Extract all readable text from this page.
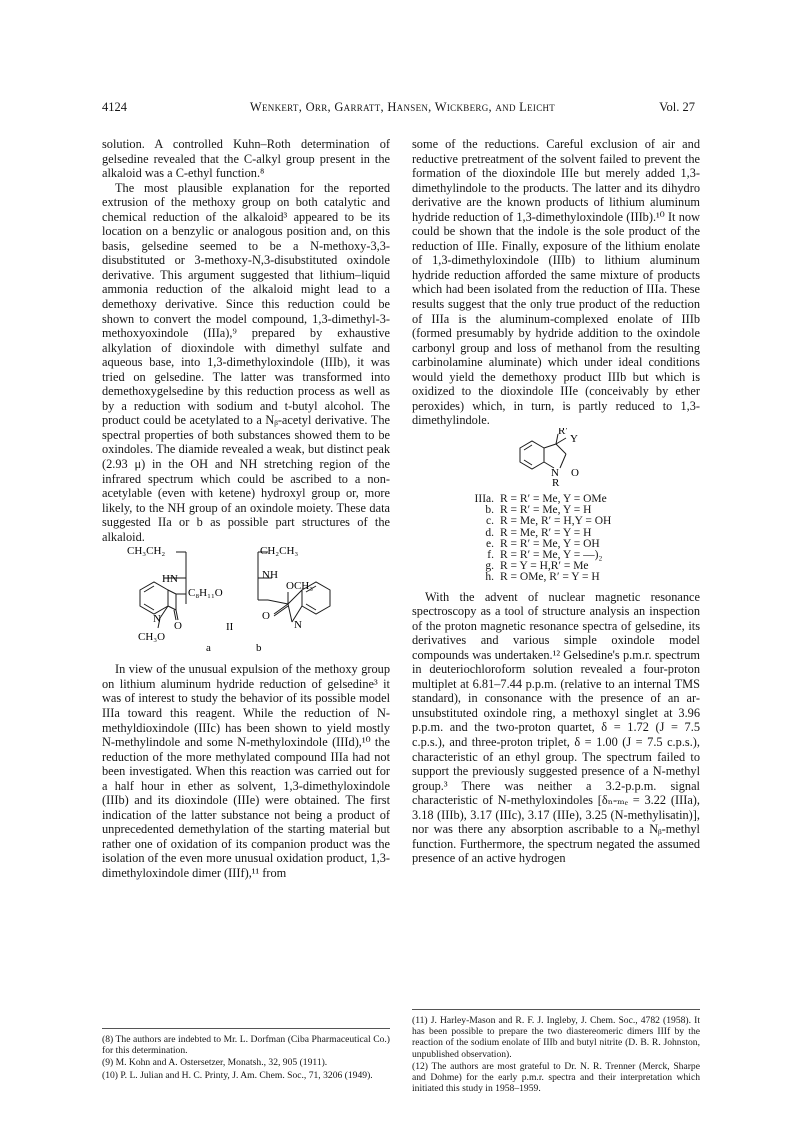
4124	Wenkert, Orr, Garratt, Hansen, Wickberg, and Leicht	Vol. 27

solution. A controlled Kuhn–Roth determination of gelsedine revealed that the C-alkyl group present in the alkaloid was a C-ethyl function.⁸

The most plausible explanation for the reported extrusion of the methoxy group on both catalytic and chemical reduction of the alkaloid³ appeared to be its location on a benzylic or analogous position and, on this basis, gelsedine seemed to be a N-methoxy-3,3-disubstituted or 3-methoxy-N,3-disubstituted oxindole derivative. This argument suggested that lithium–liquid ammonia reduction of the alkaloid might lead to a demethoxy derivative. Since this reduction could be shown to convert the model compound, 1,3-dimethyl-3-methoxyoxindole (IIIa),⁹ prepared by exhaustive alkylation of dioxindole with dimethyl sulfate and aqueous base, into 1,3-dimethyloxindole (IIIb), it was tried on gelsedine. The latter was transformed into demethoxygelsedine by this reduction process as well as by a reduction with sodium and t-butyl alcohol. The product could be acetylated to a Nᵦ-acetyl derivative. The spectral properties of both substances showed them to be oxindoles. The diamide revealed a weak, but distinct peak (2.93 μ) in the OH and NH stretching region of the infrared spectrum which could be ascribed to a non-acetylable (even with ketene) hydroxyl group or, more likely, to the NH group of an oxindole moiety. These data suggested IIa or b as possible part structures of the alkaloid.

CH₃CH₂	CH₂CH₃
HN	NH
C₈H₁₁O
OCH₃
O
O
N	N
CH₃O
II
a	b

In view of the unusual expulsion of the methoxy group on lithium aluminum hydride reduction of gelsedine³ it was of interest to study the behavior of its possible model IIIa toward this reagent. While the reduction of N-methyldioxindole (IIIc) has been shown to yield mostly N-methylindole and some N-methyloxindole (IIId),¹⁰ the reduction of the more methylated compound IIIa had not been investigated. When this reaction was carried out for a half hour in ether as solvent, 1,3-dimethyloxindole (IIIb) and its dioxindole (IIIe) were obtained. The first indication of the latter substance not being a product of unprecedented demethylation of the starting material but rather one of oxidation of its companion product was the isolation of the even more unusual oxidation product, 1,3-dimethyloxindole dimer (IIIf),¹¹ from

some of the reductions. Careful exclusion of air and reductive pretreatment of the solvent failed to prevent the formation of the dioxindole IIIe but merely added 1,3-dimethylindole to the products. The latter and its dihydro derivative are the known products of lithium aluminum hydride reduction of 1,3-dimethyloxindole (IIIb).¹⁰ It now could be shown that the indole is the sole product of the reduction of IIIe. Finally, exposure of the lithium enolate of 1,3-dimethyloxindole (IIIb) to lithium aluminum hydride reduction afforded the same mixture of products which had been isolated from the reduction of IIIa. These results suggest that the only true product of the reduction of IIIa is the aluminum-complexed enolate of IIIb (formed presumably by hydride addition to the oxindole carbonyl group and loss of methanol from the resulting carbinolamine aluminate) which under ideal conditions would yield the demethoxy product IIIb but which is oxidized to the dioxindole IIIe (conceivably by ether peroxides) which, in turn, is partly reduced to 1,3-dimethylindole.

R′
Y
N O
R
IIIa. R = R′ = Me, Y = OMe
b. R = R′ = Me, Y = H
c. R = Me, R′ = H,Y = OH
d. R = Me, R′ = Y = H
e. R = R′ = Me, Y = OH
f. R = R′ = Me, Y = —)₂
g. R = Y = H,R′ = Me
h. R = OMe, R′ = Y = H

With the advent of nuclear magnetic resonance spectroscopy as a tool of structure analysis an inspection of the proton magnetic resonance spectra of gelsedine, its derivatives and various simple oxindole model compounds was undertaken.¹² Gelsedine's p.m.r. spectrum in deuteriochloroform solution revealed a four-proton multiplet at 6.81–7.44 p.p.m. (relative to an internal TMS standard), in consonance with the presence of an ar-unsubstituted oxindole ring, a methoxyl singlet at 3.96 p.p.m. and the two-proton quartet, δ = 1.72 (J = 7.5 c.p.s.), and three-proton triplet, δ = 1.00 (J = 7.5 c.p.s.), characteristic of an ethyl group. The spectrum failed to support the previously suggested presence of a N-methyl group.³ There was neither a 3.2-p.p.m. signal characteristic of N-methyloxindoles [δₙ-ₘₑ = 3.22 (IIIa), 3.18 (IIIb), 3.17 (IIIc), 3.17 (IIIe), 3.25 (N-methylisatin)], nor was there any absorption ascribable to a Nᵦ-methyl function. Furthermore, the spectrum negated the assumed presence of an active hydrogen

(8) The authors are indebted to Mr. L. Dorfman (Ciba Pharmaceutical Co.) for this determination.
(9) M. Kohn and A. Ostersetzer, Monatsh., 32, 905 (1911).
(10) P. L. Julian and H. C. Printy, J. Am. Chem. Soc., 71, 3206 (1949).
(11) J. Harley-Mason and R. F. J. Ingleby, J. Chem. Soc., 4782 (1958). It has been possible to prepare the two diastereomeric dimers IIIf by the reaction of the sodium enolate of IIIb and butyl nitrite (D. B. R. Johnston, unpublished observation).
(12) The authors are most grateful to Dr. N. R. Trenner (Merck, Sharpe and Dohme) for the early p.m.r. spectra and their interpretation which initiated this study in 1958–1959.
